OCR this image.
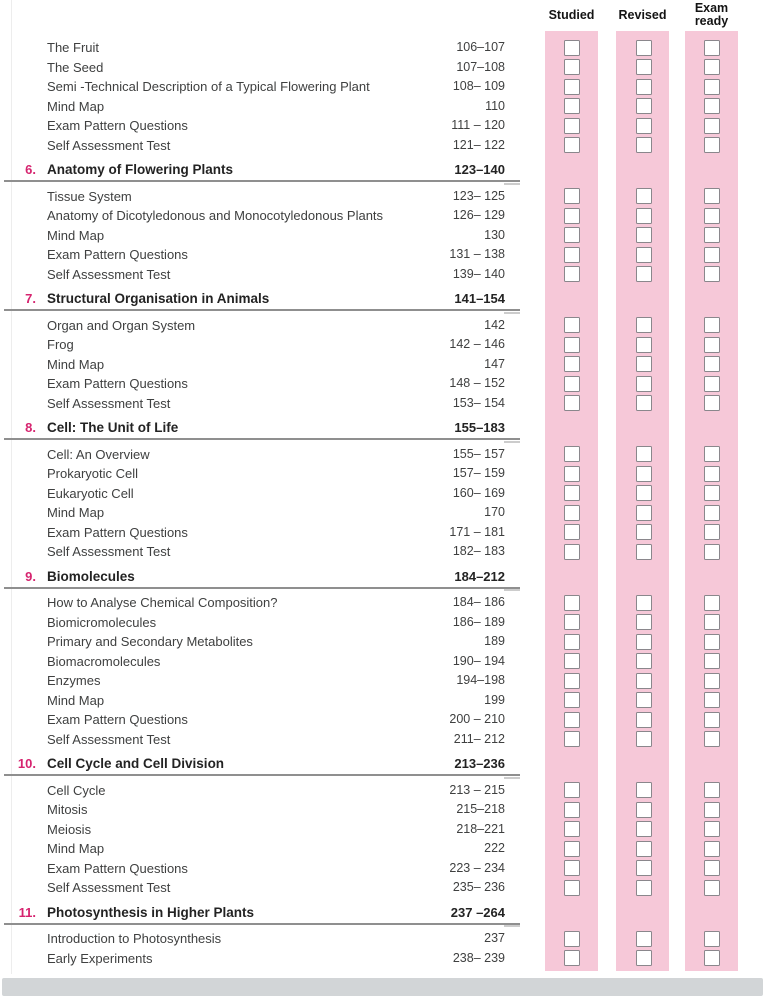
Studied Revised	Exam
ready
The Fruit	106–107
The Seed	107–108
Semi -Technical Description of a Typical Flowering Plant	108– 109
Mind Map	110
Exam Pattern Questions	111 – 120
Self Assessment Test	121– 122
6. Anatomy of Flowering Plants	123–140
Tissue System	123– 125
Anatomy of Dicotyledonous and Monocotyledonous Plants	126– 129
Mind Map	130
Exam Pattern Questions	131 – 138
Self Assessment Test	139– 140
7. Structural Organisation in Animals	141–154
Organ and Organ System	142
Frog	142 – 146
Mind Map	147
Exam Pattern Questions	148 – 152
Self Assessment Test	153– 154
8. Cell: The Unit of Life	155–183
Cell: An Overview	155– 157
Prokaryotic Cell	157– 159
Eukaryotic Cell	160– 169
Mind Map	170
Exam Pattern Questions	171 – 181
Self Assessment Test	182– 183
9. Biomolecules	184–212
How to Analyse Chemical Composition?	184– 186
Biomicromolecules	186– 189
Primary and Secondary Metabolites	189
Biomacromolecules	190– 194
Enzymes	194–198
Mind Map	199
Exam Pattern Questions	200 – 210
Self Assessment Test	211– 212
10. Cell Cycle and Cell Division	213–236
Cell Cycle	213 – 215
Mitosis	215–218
Meiosis	218–221
Mind Map	222
Exam Pattern Questions	223 – 234
Self Assessment Test	235– 236
11. Photosynthesis in Higher Plants	237 –264
Introduction to Photosynthesis	237
Early Experiments	238– 239
